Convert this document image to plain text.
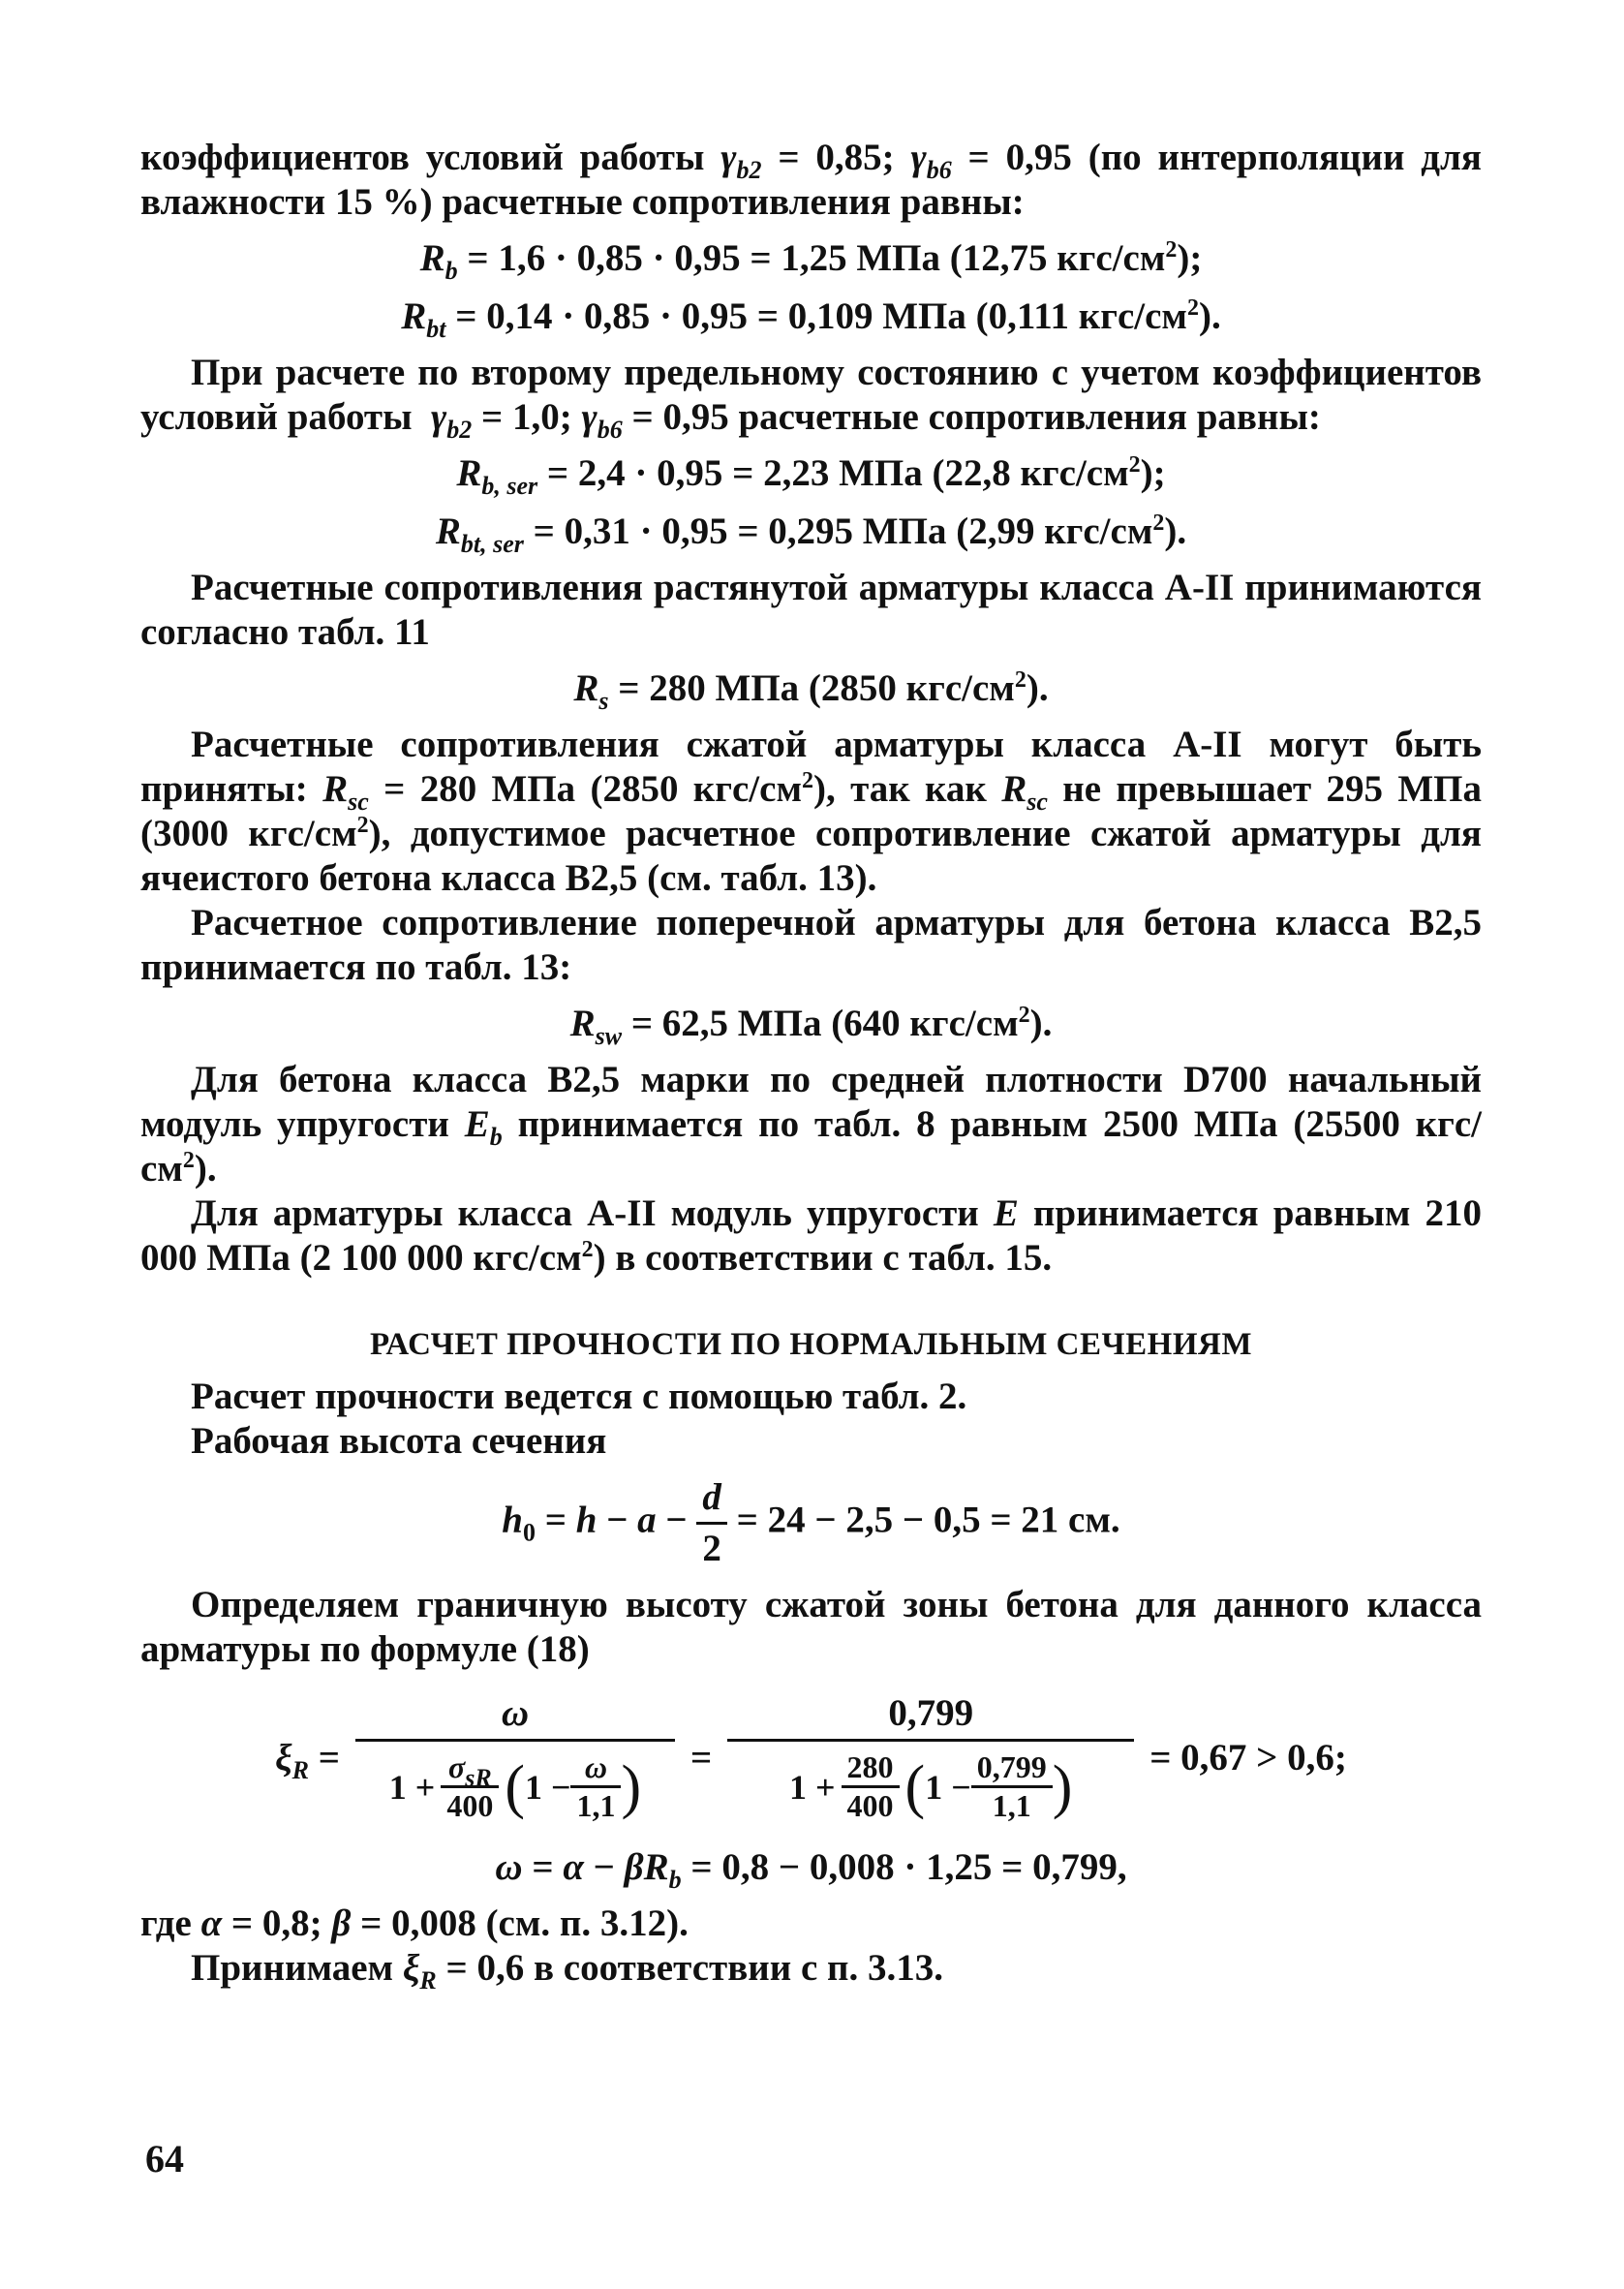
коэффициентов условий работы $\gamma_{b2} = 0,85$; $\gamma_{b6} = 0,95$ (по интерполяции для влажности 15 %) расчетные сопротивления равны:

$R_b = 1,6 \cdot 0,85 \cdot 0,95 = 1,25$ МПа (12,75 кгс/$см^2$);
$R_{bt} = 0,14 \cdot 0,85 \cdot 0,95 = 0,109$ МПа (0,111 кгс/$см^2$).

При расчете по второму предельному состоянию с учетом коэффициентов условий работы  $\gamma_{b2} = 1,0$; $\gamma_{b6} = 0,95$ расчетные сопротивления равны:

$R_{b, ser} = 2,4 \cdot 0,95 = 2,23$ МПа (22,8 кгс/$см^2$);
$R_{bt, ser} = 0,31 \cdot 0,95 = 0,295$ МПа (2,99 кгс/$см^2$).

Расчетные сопротивления растянутой арматуры класса А-II принимаются согласно табл. 11

$R_s = 280$ МПа (2850 кгс/$см^2$).

Расчетные сопротивления сжатой арматуры класса А-II могут быть приняты: $R_{sc} = 280$ МПа (2850 кгс/$см^2$), так как $R_{sc}$ не превышает 295 МПа (3000 кгс/$см^2$), допустимое расчетное сопротивление сжатой арматуры для ячеистого бетона класса В2,5 (см. табл. 13).

Расчетное сопротивление поперечной арматуры для бетона класса В2,5 принимается по табл. 13:

$R_{sw} = 62,5$ МПа (640 кгс/$см^2$).

Для бетона класса В2,5 марки по средней плотности D700 начальный модуль упругости $E_b$ принимается по табл. 8 равным 2500 МПа (25500 кгс/$см^2$).

Для арматуры класса А-II модуль упругости E принимается равным 210 000 МПа (2 100 000 кгс/$см^2$) в соответствии с табл. 15.

РАСЧЕТ ПРОЧНОСТИ ПО НОРМАЛЬНЫМ СЕЧЕНИЯМ

Расчет прочности ведется с помощью табл. 2.

Рабочая высота сечения

$h_0 = h - a - \frac{d}{2} = 24 - 2,5 - 0,5 = 21$ см.

Определяем граничную высоту сжатой зоны бетона для данного класса арматуры по формуле (18)

$\xi_R$ =
ω
$1 + \frac{\sigma_{sR}}{400}$ ( $1 - \frac{\omega}{1,1}$ ) = $\frac{0,799}{1 + \frac{280}{400} ( 1 - \frac{0,799}{1,1} )} = 0,67 > 0,6$;
$\omega = \alpha - \beta R_b = 0,8 - 0,008 \cdot 1,25 = 0,799$,

где α = 0,8; β = 0,008 (см. п. 3.12).

Принимаем $\xi_R = 0,6$ в соответствии с п. 3.13.

64
